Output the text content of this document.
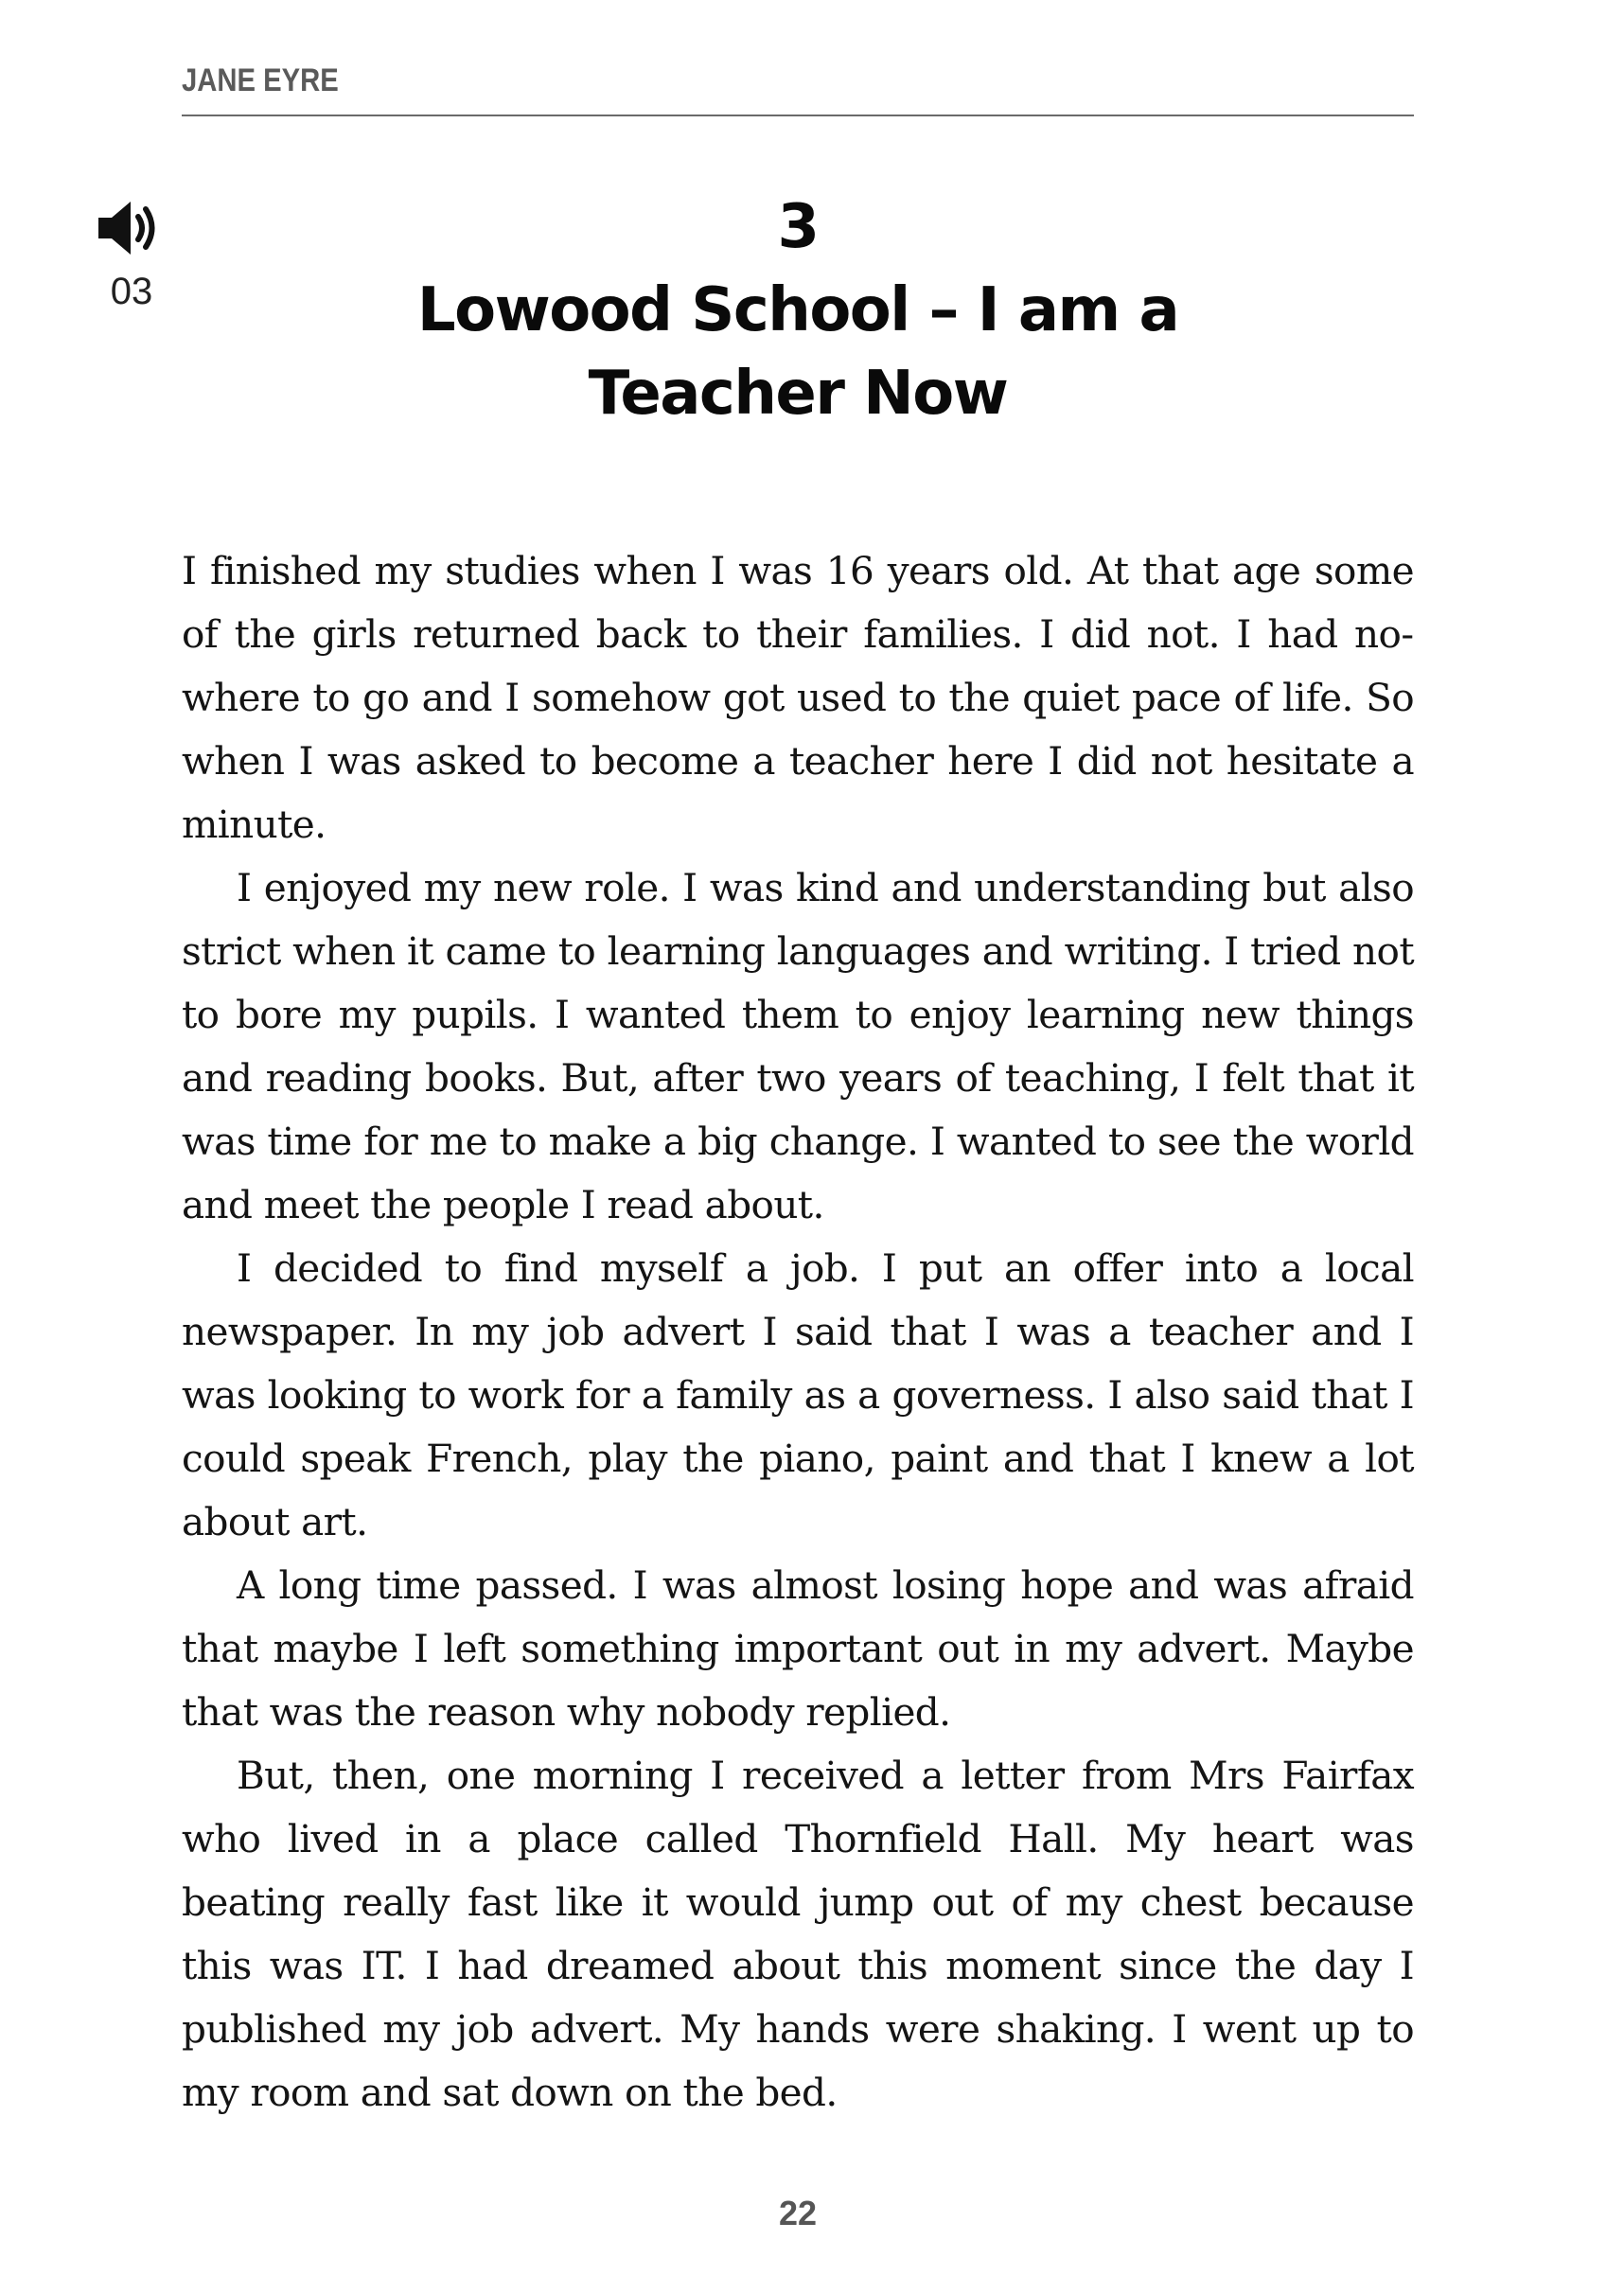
JANE EYRE
03
3
Lowood School – I am a Teacher Now

I finished my studies when I was 16 years old. At that age some of the girls returned back to their families. I did not. I had nowhere to go and I somehow got used to the quiet pace of life. So when I was asked to become a teacher here I did not hesitate a minute.

I enjoyed my new role. I was kind and understanding but also strict when it came to learning languages and writing. I tried not to bore my pupils. I wanted them to enjoy learning new things and reading books. But, after two years of teaching, I felt that it was time for me to make a big change. I wanted to see the world and meet the people I read about.

I decided to find myself a job. I put an offer into a local newspaper. In my job advert I said that I was a teacher and I was looking to work for a family as a governess. I also said that I could speak French, play the piano, paint and that I knew a lot about art.

A long time passed. I was almost losing hope and was afraid that maybe I left something important out in my advert. Maybe that was the reason why nobody replied.

But, then, one morning I received a letter from Mrs Fairfax who lived in a place called Thornfield Hall. My heart was beating really fast like it would jump out of my chest because this was IT. I had dreamed about this moment since the day I published my job advert. My hands were shaking. I went up to my room and sat down on the bed.

22
